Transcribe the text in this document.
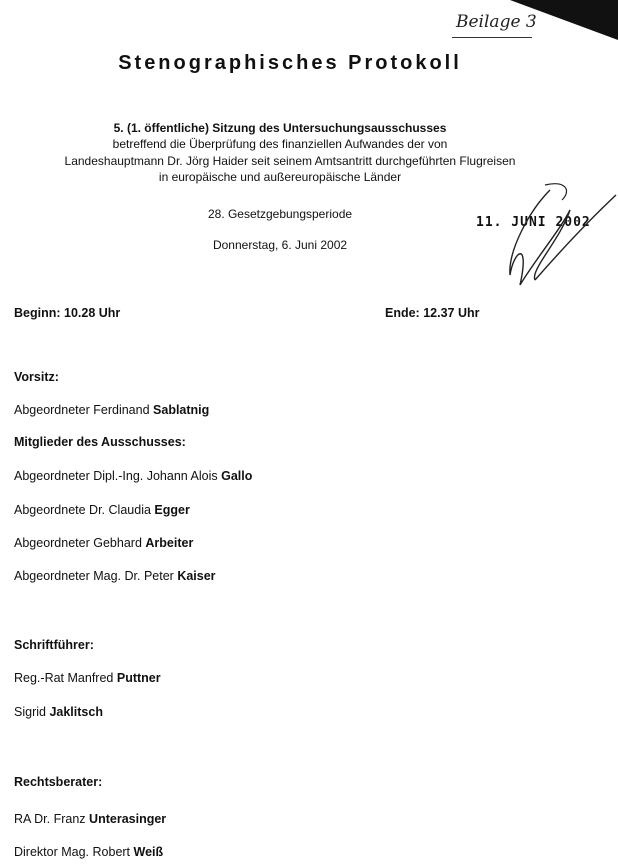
Beilage 3
Stenographisches Protokoll
5. (1. öffentliche) Sitzung des Untersuchungsausschusses
betreffend die Überprüfung des finanziellen Aufwandes der von
Landeshauptmann Dr. Jörg Haider seit seinem Amtsantritt durchgeführten Flugreisen
in europäische und außereuropäische Länder
28. Gesetzgebungsperiode
Donnerstag, 6. Juni 2002
11. JUNI 2002
Beginn: 10.28 Uhr	Ende: 12.37 Uhr
Vorsitz:
Abgeordneter Ferdinand Sablatnig
Mitglieder des Ausschusses:
Abgeordneter Dipl.-Ing. Johann Alois Gallo
Abgeordnete Dr. Claudia Egger
Abgeordneter Gebhard Arbeiter
Abgeordneter Mag. Dr. Peter Kaiser
Schriftführer:
Reg.-Rat Manfred Puttner
Sigrid Jaklitsch
Rechtsberater:
RA Dr. Franz Unterasinger
Direktor Mag. Robert Weiß
